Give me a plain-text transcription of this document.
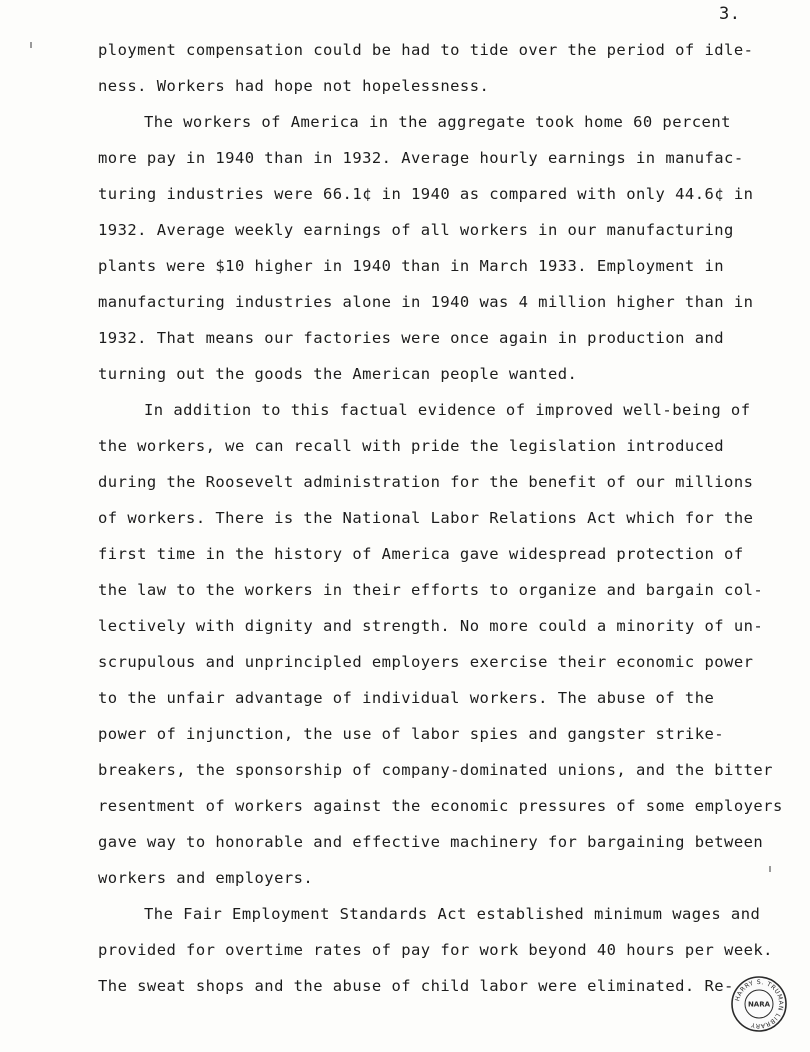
3.
ployment compensation could be had to tide over the period of idle-
ness. Workers had hope not hopelessness.
The workers of America in the aggregate took home 60 percent
more pay in 1940 than in 1932. Average hourly earnings in manufac-
turing industries were 66.1¢ in 1940 as compared with only 44.6¢ in
1932. Average weekly earnings of all workers in our manufacturing
plants were $10 higher in 1940 than in March 1933. Employment in
manufacturing industries alone in 1940 was 4 million higher than in
1932. That means our factories were once again in production and
turning out the goods the American people wanted.
In addition to this factual evidence of improved well-being of
the workers, we can recall with pride the legislation introduced
during the Roosevelt administration for the benefit of our millions
of workers. There is the National Labor Relations Act which for the
first time in the history of America gave widespread protection of
the law to the workers in their efforts to organize and bargain col-
lectively with dignity and strength. No more could a minority of un-
scrupulous and unprincipled employers exercise their economic power
to the unfair advantage of individual workers. The abuse of the
power of injunction, the use of labor spies and gangster strike-
breakers, the sponsorship of company-dominated unions, and the bitter
resentment of workers against the economic pressures of some employers
gave way to honorable and effective machinery for bargaining between
workers and employers.
The Fair Employment Standards Act established minimum wages and
provided for overtime rates of pay for work beyond 40 hours per week.
The sweat shops and the abuse of child labor were eliminated. Re-
HARRY S. TRUMAN LIBRARY
NARA
